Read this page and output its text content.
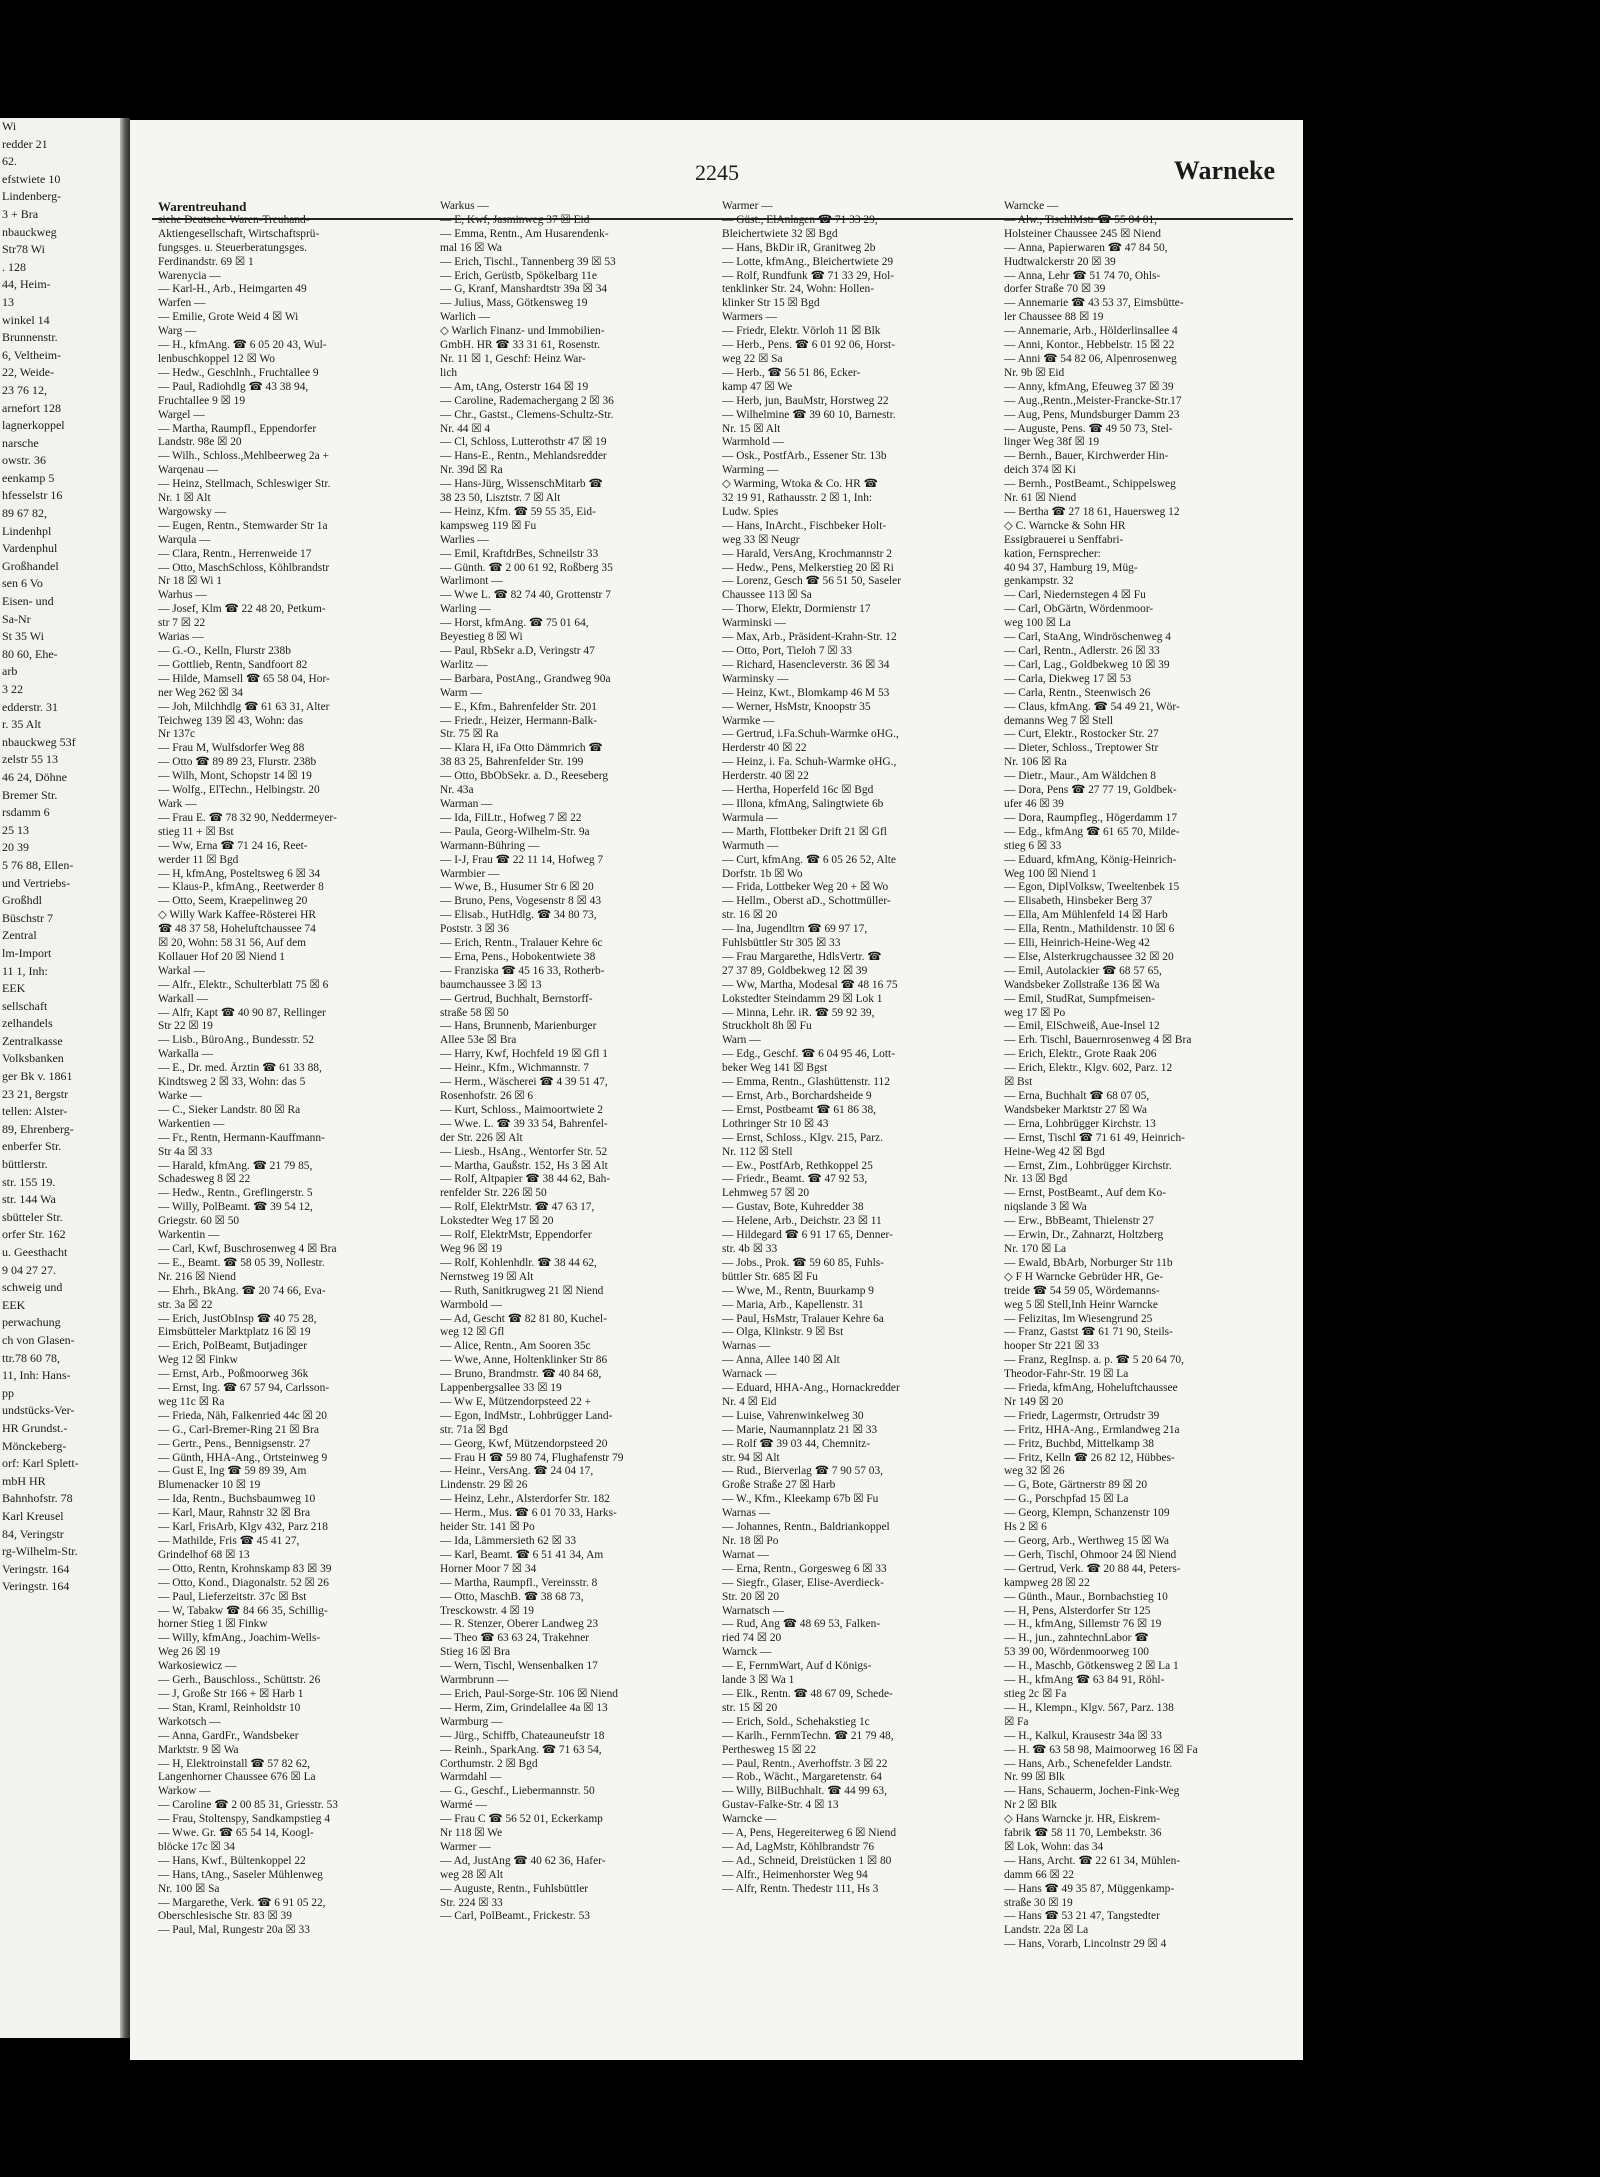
Wi
redder 21
62.
efstwiete 10
Lindenberg-
3 + Bra
nbauckweg
Str78 Wi
. 128
44, Heim-
13
winkel 14
Brunnenstr.
6, Veltheim-
22, Weide-
23 76 12,
arnefort 128
lagnerkoppel
narsche
owstr. 36
eenkamp 5
hfesselstr 16
89 67 82,
Lindenhpl
Vardenphul
Großhandel
sen 6 Vo
Eisen- und
Sa-Nr
St 35 Wi
80 60, Ehe-
arb
3 22
edderstr. 31
r. 35 Alt
nbauckweg 53f
zelstr 55 13
46 24, Döhne
Bremer Str.
rsdamm 6
25 13
20 39
5 76 88, Ellen-
und Vertriebs-
Großhdl
Büschstr 7
Zentral
lm-Import
11 1, Inh:
EEK
sellschaft
zelhandels
Zentralkasse
Volksbanken
ger Bk v. 1861
23 21, 8ergstr
tellen: Alster-
89, Ehrenberg-
enberfer Str.
büttlerstr.
str. 155 19.
str. 144 Wa
sbütteler Str.
orfer Str. 162
u. Geesthacht
9 04 27 27.
schweig und
EEK
perwachung
ch von Glasen-
ttr.78 60 78,
11, Inh: Hans-
pp
undstücks-Ver-
HR Grundst.-
Mönckeberg-
orf: Karl Splett-
mbH HR
Bahnhofstr. 78
Karl Kreusel
84, Veringstr
rg-Wilhelm-Str.
Veringstr. 164
Veringstr. 164
2245	Warneke
Warentreuhand
siehe Deutsche Waren-Treuhand-
Aktiengesellschaft, Wirtschaftsprü-
fungsges. u. Steuerberatungsges.
Ferdinandstr. 69 ☒ 1
Warenycia —
— Karl-H., Arb., Heimgarten 49
Warfen —
— Emilie, Grote Weid 4 ☒ Wi
Warg —
— H., kfmAng. ☎ 6 05 20 43, Wul-
lenbuschkoppel 12 ☒ Wo
— Hedw., Geschlnh., Fruchtallee 9
— Paul, Radiohdlg ☎ 43 38 94,
Fruchtallee 9 ☒ 19
Wargel —
— Martha, Raumpfl., Eppendorfer
Landstr. 98e ☒ 20
— Wilh., Schloss.,Mehlbeerweg 2a +
Warqenau —
— Heinz, Stellmach, Schleswiger Str.
Nr. 1 ☒ Alt
Wargowsky —
— Eugen, Rentn., Stemwarder Str 1a
Warqula —
— Clara, Rentn., Herrenweide 17
— Otto, MaschSchloss, Köhlbrandstr
Nr 18 ☒ Wi 1
Warhus —
— Josef, Klm ☎ 22 48 20, Petkum-
str 7 ☒ 22
Warias —
— G.-O., Kelln, Flurstr 238b
— Gottlieb, Rentn, Sandfoort 82
— Hilde, Mamsell ☎ 65 58 04, Hor-
ner Weg 262 ☒ 34
— Joh, Milchhdlg ☎ 61 63 31, Alter
Teichweg 139 ☒ 43, Wohn: das
Nr 137c
— Frau M, Wulfsdorfer Weg 88
— Otto ☎ 89 89 23, Flurstr. 238b
— Wilh, Mont, Schopstr 14 ☒ 19
— Wolfg., ElTechn., Helbingstr. 20
Wark —
— Frau E. ☎ 78 32 90, Neddermeyer-
stieg 11 + ☒ Bst
— Ww, Erna ☎ 71 24 16, Reet-
werder 11 ☒ Bgd
— H, kfmAng, Posteltsweg 6 ☒ 34
— Klaus-P., kfmAng., Reetwerder 8
— Otto, Seem, Kraepelinweg 20
◇ Willy Wark Kaffee-Rösterei HR
☎ 48 37 58, Hoheluftchaussee 74
☒ 20, Wohn: 58 31 56, Auf dem
Kollauer Hof 20 ☒ Niend 1
Warkal —
— Alfr., Elektr., Schulterblatt 75 ☒ 6
Warkall —
— Alfr, Kapt ☎ 40 90 87, Rellinger
Str 22 ☒ 19
— Lisb., BüroAng., Bundesstr. 52
Warkalla —
— E., Dr. med. Ärztin ☎ 61 33 88,
Kindtsweg 2 ☒ 33, Wohn: das 5
Warke —
— C., Sieker Landstr. 80 ☒ Ra
Warkentien —
— Fr., Rentn, Hermann-Kauffmann-
Str 4a ☒ 33
— Harald, kfmAng. ☎ 21 79 85,
Schadesweg 8 ☒ 22
— Hedw., Rentn., Greflingerstr. 5
— Willy, PolBeamt. ☎ 39 54 12,
Griegstr. 60 ☒ 50
Warkentin —
— Carl, Kwf, Buschrosenweg 4 ☒ Bra
— E., Beamt. ☎ 58 05 39, Nollestr.
Nr. 216 ☒ Niend
— Ehrh., BkAng. ☎ 20 74 66, Eva-
str. 3a ☒ 22
— Erich, JustObInsp ☎ 40 75 28,
Eimsbütteler Marktplatz 16 ☒ 19
— Erich, PolBeamt, Butjadinger
Weg 12 ☒ Finkw
— Ernst, Arb., Poßmoorweg 36k
— Ernst, Ing. ☎ 67 57 94, Carlsson-
weg 11c ☒ Ra
— Frieda, Näh, Falkenried 44c ☒ 20
— G., Carl-Bremer-Ring 21 ☒ Bra
— Gertr., Pens., Bennigsenstr. 27
— Günth, HHA-Ang., Ortsteinweg 9
— Gust E, Ing ☎ 59 89 39, Am
Blumenacker 10 ☒ 19
— Ida, Rentn., Buchsbaumweg 10
— Karl, Maur, Rahnstr 32 ☒ Bra
— Karl, FrisArb, Klgv 432, Parz 218
— Mathilde, Fris ☎ 45 41 27,
Grindelhof 68 ☒ 13
— Otto, Rentn, Krohnskamp 83 ☒ 39
— Otto, Kond., Diagonalstr. 52 ☒ 26
— Paul, Lieferzeitstr. 37c ☒ Bst
— W, Tabakw ☎ 84 66 35, Schillig-
horner Stieg 1 ☒ Finkw
— Willy, kfmAng., Joachim-Wells-
Weg 26 ☒ 19
Warkosiewicz —
— Gerh., Bauschloss., Schüttstr. 26
— J, Große Str 166 + ☒ Harb 1
— Stan, Kraml, Reinholdstr 10
Warkotsch —
— Anna, GardFr., Wandsbeker
Marktstr. 9 ☒ Wa
— H, Elektroinstall ☎ 57 82 62,
Langenhorner Chaussee 676 ☒ La
Warkow —
— Caroline ☎ 2 00 85 31, Griesstr. 53
— Frau, Stoltenspy, Sandkampstieg 4
— Wwe. Gr. ☎ 65 54 14, Koogl-
blöcke 17c ☒ 34
— Hans, Kwf., Bültenkoppel 22
— Hans, tAng., Saseler Mühlenweg
Nr. 100 ☒ Sa
— Margarethe, Verk. ☎ 6 91 05 22,
Oberschlesische Str. 83 ☒ 39
— Paul, Mal, Rungestr 20a ☒ 33
Warkus —
— E, Kwf, Jasminweg 37 ☒ Eid
— Emma, Rentn., Am Husarendenk-
mal 16 ☒ Wa
— Erich, Tischl., Tannenberg 39 ☒ 53
— Erich, Gerüstb, Spökelbarg 11e
— G, Kranf, Manshardtstr 39a ☒ 34
— Julius, Mass, Götkensweg 19
Warlich —
◇ Warlich Finanz- und Immobilien-
GmbH. HR ☎ 33 31 61, Rosenstr.
Nr. 11 ☒ 1, Geschf: Heinz War-
lich
— Am, tAng, Osterstr 164 ☒ 19
— Caroline, Rademachergang 2 ☒ 36
— Chr., Gastst., Clemens-Schultz-Str.
Nr. 44 ☒ 4
— Cl, Schloss, Lutterothstr 47 ☒ 19
— Hans-E., Rentn., Mehlandsredder
Nr. 39d ☒ Ra
— Hans-Jürg, WissenschMitarb ☎
38 23 50, Lisztstr. 7 ☒ Alt
— Heinz, Kfm. ☎ 59 55 35, Eid-
kampsweg 119 ☒ Fu
Warlies —
— Emil, KraftdrBes, Schneilstr 33
— Günth. ☎ 2 00 61 92, Roßberg 35
Warlimont —
— Wwe L. ☎ 82 74 40, Grottenstr 7
Warling —
— Horst, kfmAng. ☎ 75 01 64,
Beyestieg 8 ☒ Wi
— Paul, RbSekr a.D, Veringstr 47
Warlitz —
— Barbara, PostAng., Grandweg 90a
Warm —
— E., Kfm., Bahrenfelder Str. 201
— Friedr., Heizer, Hermann-Balk-
Str. 75 ☒ Ra
— Klara H, iFa Otto Dämmrich ☎
38 83 25, Bahrenfelder Str. 199
— Otto, BbObSekr. a. D., Reeseberg
Nr. 43a
Warman —
— Ida, FilLtr., Hofweg 7 ☒ 22
— Paula, Georg-Wilhelm-Str. 9a
Warmann-Bühring —
— I-J, Frau ☎ 22 11 14, Hofweg 7
Warmbier —
— Wwe, B., Husumer Str 6 ☒ 20
— Bruno, Pens, Vogesenstr 8 ☒ 43
— Elisab., HutHdlg. ☎ 34 80 73,
Poststr. 3 ☒ 36
— Erich, Rentn., Tralauer Kehre 6c
— Erna, Pens., Hobokentwiete 38
— Franziska ☎ 45 16 33, Rotherb-
baumchaussee 3 ☒ 13
— Gertrud, Buchhalt, Bernstorff-
straße 58 ☒ 50
— Hans, Brunnenb, Marienburger
Allee 53e ☒ Bra
— Harry, Kwf, Hochfeld 19 ☒ Gfl 1
— Heinr., Kfm., Wichmannstr. 7
— Herm., Wäscherei ☎ 4 39 51 47,
Rosenhofstr. 26 ☒ 6
— Kurt, Schloss., Maimoortwiete 2
— Wwe. L. ☎ 39 33 54, Bahrenfel-
der Str. 226 ☒ Alt
— Liesb., HsAng., Wentorfer Str. 52
— Martha, Gaußstr. 152, Hs 3 ☒ Alt
— Rolf, Altpapier ☎ 38 44 62, Bah-
renfelder Str. 226 ☒ 50
— Rolf, ElektrMstr. ☎ 47 63 17,
Lokstedter Weg 17 ☒ 20
— Rolf, ElektrMstr, Eppendorfer
Weg 96 ☒ 19
— Rolf, Kohlenhdlr. ☎ 38 44 62,
Nernstweg 19 ☒ Alt
— Ruth, Sanitkrugweg 21 ☒ Niend
Warmbold —
— Ad, Gescht ☎ 82 81 80, Kuchel-
weg 12 ☒ Gfl
— Alice, Rentn., Am Sooren 35c
— Wwe, Anne, Holtenklinker Str 86
— Bruno, Brandmstr. ☎ 40 84 68,
Lappenbergsallee 33 ☒ 19
— Ww E, Mützendorpsteed 22 +
— Egon, IndMstr., Lohbrügger Land-
str. 71a ☒ Bgd
— Georg, Kwf, Mützendorpsteed 20
— Frau H ☎ 59 80 74, Flughafenstr 79
— Heinr., VersAng. ☎ 24 04 17,
Lindenstr. 29 ☒ 26
— Heinz, Lehr., Alsterdorfer Str. 182
— Herm., Mus. ☎ 6 01 70 33, Harks-
heider Str. 141 ☒ Po
— Ida, Lämmersieth 62 ☒ 33
— Karl, Beamt. ☎ 6 51 41 34, Am
Horner Moor 7 ☒ 34
— Martha, Raumpfl., Vereinsstr. 8
— Otto, MaschB. ☎ 38 68 73,
Tresckowstr. 4 ☒ 19
— R. Stenzer, Oberer Landweg 23
— Theo ☎ 63 63 24, Trakehner
Stieg 16 ☒ Bra
— Wern, Tischl, Wensenbalken 17
Warmbrunn —
— Erich, Paul-Sorge-Str. 106 ☒ Niend
— Herm, Zim, Grindelallee 4a ☒ 13
Warmburg —
— Jürg., Schiffb, Chateauneufstr 18
— Reinh., SparkAng. ☎ 71 63 54,
Corthumstr. 2 ☒ Bgd
Warmdahl —
— G., Geschf., Liebermannstr. 50
Warmé —
— Frau C ☎ 56 52 01, Eckerkamp
Nr 118 ☒ We
Warmer —
— Ad, JustAng ☎ 40 62 36, Hafer-
weg 28 ☒ Alt
— Auguste, Rentn., Fuhlsbüttler
Str. 224 ☒ 33
— Carl, PolBeamt., Frickestr. 53
Warmer —
— Güst., ElAnlagen ☎ 71 33 29,
Bleichertwiete 32 ☒ Bgd
— Hans, BkDir iR, Granitweg 2b
— Lotte, kfmAng., Bleichertwiete 29
— Rolf, Rundfunk ☎ 71 33 29, Hol-
tenklinker Str. 24, Wohn: Hollen-
klinker Str 15 ☒ Bgd
Warmers —
— Friedr, Elektr. Vörloh 11 ☒ Blk
— Herb., Pens. ☎ 6 01 92 06, Horst-
weg 22 ☒ Sa
— Herb., ☎ 56 51 86, Ecker-
kamp 47 ☒ We
— Herb, jun, BauMstr, Horstweg 22
— Wilhelmine ☎ 39 60 10, Barnestr.
Nr. 15 ☒ Alt
Warmhold —
— Osk., PostfArb., Essener Str. 13b
Warming —
◇ Warming, Wtoka & Co. HR ☎
32 19 91, Rathausstr. 2 ☒ 1, Inh:
Ludw. Spies
— Hans, InArcht., Fischbeker Holt-
weg 33 ☒ Neugr
— Harald, VersAng, Krochmannstr 2
— Hedw., Pens, Melkerstieg 20 ☒ Ri
— Lorenz, Gesch ☎ 56 51 50, Saseler
Chaussee 113 ☒ Sa
— Thorw, Elektr, Dormienstr 17
Warminski —
— Max, Arb., Präsident-Krahn-Str. 12
— Otto, Port, Tieloh 7 ☒ 33
— Richard, Hasencleverstr. 36 ☒ 34
Warminsky —
— Heinz, Kwt., Blomkamp 46 M 53
— Werner, HsMstr, Knoopstr 35
Warmke —
— Gertrud, i.Fa.Schuh-Warmke oHG.,
Herderstr 40 ☒ 22
— Heinz, i. Fa. Schuh-Warmke oHG.,
Herderstr. 40 ☒ 22
— Hertha, Hoperfeld 16c ☒ Bgd
— Illona, kfmAng, Salingtwiete 6b
Warmula —
— Marth, Flottbeker Drift 21 ☒ Gfl
Warmuth —
— Curt, kfmAng. ☎ 6 05 26 52, Alte
Dorfstr. 1b ☒ Wo
— Frida, Lottbeker Weg 20 + ☒ Wo
— Hellm., Oberst aD., Schottmüller-
str. 16 ☒ 20
— Ina, Jugendltrn ☎ 69 97 17,
Fuhlsbüttler Str 305 ☒ 33
— Frau Margarethe, HdlsVertr. ☎
27 37 89, Goldbekweg 12 ☒ 39
— Ww, Martha, Modesal ☎ 48 16 75
Lokstedter Steindamm 29 ☒ Lok 1
— Minna, Lehr. iR. ☎ 59 92 39,
Struckholt 8h ☒ Fu
Warn —
— Edg., Geschf. ☎ 6 04 95 46, Lott-
beker Weg 141 ☒ Bgst
— Emma, Rentn., Glashüttenstr. 112
— Ernst, Arb., Borchardsheide 9
— Ernst, Postbeamt ☎ 61 86 38,
Lothringer Str 10 ☒ 43
— Ernst, Schloss., Klgv. 215, Parz.
Nr. 112 ☒ Stell
— Ew., PostfArb, Rethkoppel 25
— Friedr., Beamt. ☎ 47 92 53,
Lehmweg 57 ☒ 20
— Gustav, Bote, Kuhredder 38
— Helene, Arb., Deichstr. 23 ☒ 11
— Hildegard ☎ 6 91 17 65, Denner-
str. 4b ☒ 33
— Jobs., Prok. ☎ 59 60 85, Fuhls-
büttler Str. 685 ☒ Fu
— Wwe, M., Rentn, Buurkamp 9
— Maria, Arb., Kapellenstr. 31
— Paul, HsMstr, Tralauer Kehre 6a
— Olga, Klinkstr. 9 ☒ Bst
Warnas —
— Anna, Allee 140 ☒ Alt
Warnack —
— Eduard, HHA-Ang., Hornackredder
Nr. 4 ☒ Eid
— Luise, Vahrenwinkelweg 30
— Marie, Naumannplatz 21 ☒ 33
— Rolf ☎ 39 03 44, Chemnitz-
str. 94 ☒ Alt
— Rud., Bierverlag ☎ 7 90 57 03,
Große Straße 27 ☒ Harb
— W., Kfm., Kleekamp 67b ☒ Fu
Warnas —
— Johannes, Rentn., Baldriankoppel
Nr. 18 ☒ Po
Warnat —
— Erna, Rentn., Gorgesweg 6 ☒ 33
— Siegfr., Glaser, Elise-Averdieck-
Str. 20 ☒ 20
Warnatsch —
— Rud, Ang ☎ 48 69 53, Falken-
ried 74 ☒ 20
Warnck —
— E, FernmWart, Auf d Königs-
lande 3 ☒ Wa 1
— Elk., Rentn. ☎ 48 67 09, Schede-
str. 15 ☒ 20
— Erich, Sold., Schehakstieg 1c
— Karlh., FernmTechn. ☎ 21 79 48,
Perthesweg 15 ☒ 22
— Paul, Rentn., Averhoffstr. 3 ☒ 22
— Rob., Wächt., Margaretenstr. 64
— Willy, BilBuchhalt. ☎ 44 99 63,
Gustav-Falke-Str. 4 ☒ 13
Warncke —
— A, Pens, Hegereiterweg 6 ☒ Niend
— Ad, LagMstr, Köhlbrandstr 76
— Ad., Schneid, Dreistücken 1 ☒ 80
— Alfr., Heimenhorster Weg 94
— Alfr, Rentn. Thedestr 111, Hs 3
Warncke —
— Alw., TischlMstr ☎ 55 84 81,
Holsteiner Chaussee 245 ☒ Niend
— Anna, Papierwaren ☎ 47 84 50,
Hudtwalckerstr 20 ☒ 39
— Anna, Lehr ☎ 51 74 70, Ohls-
dorfer Straße 70 ☒ 39
— Annemarie ☎ 43 53 37, Eimsbütte-
ler Chaussee 88 ☒ 19
— Annemarie, Arb., Hölderlinsallee 4
— Anni, Kontor., Hebbelstr. 15 ☒ 22
— Anni ☎ 54 82 06, Alpenrosenweg
Nr. 9b ☒ Eid
— Anny, kfmAng, Efeuweg 37 ☒ 39
— Aug.,Rentn.,Meister-Francke-Str.17
— Aug, Pens, Mundsburger Damm 23
— Auguste, Pens. ☎ 49 50 73, Stel-
linger Weg 38f ☒ 19
— Bernh., Bauer, Kirchwerder Hin-
deich 374 ☒ Ki
— Bernh., PostBeamt., Schippelsweg
Nr. 61 ☒ Niend
— Bertha ☎ 27 18 61, Hauersweg 12
◇ C. Warncke & Sohn HR
Essigbrauerei u Senffabri-
kation, Fernsprecher:
40 94 37, Hamburg 19, Müg-
genkampstr. 32
— Carl, Niedernstegen 4 ☒ Fu
— Carl, ObGärtn, Wördenmoor-
weg 100 ☒ La
— Carl, StaAng, Windröschenweg 4
— Carl, Rentn., Adlerstr. 26 ☒ 33
— Carl, Lag., Goldbekweg 10 ☒ 39
— Carla, Diekweg 17 ☒ 53
— Carla, Rentn., Steenwisch 26
— Claus, kfmAng. ☎ 54 49 21, Wör-
demanns Weg 7 ☒ Stell
— Curt, Elektr., Rostocker Str. 27
— Dieter, Schloss., Treptower Str
Nr. 106 ☒ Ra
— Dietr., Maur., Am Wäldchen 8
— Dora, Pens ☎ 27 77 19, Goldbek-
ufer 46 ☒ 39
— Dora, Raumpfleg., Högerdamm 17
— Edg., kfmAng ☎ 61 65 70, Milde-
stieg 6 ☒ 33
— Eduard, kfmAng, König-Heinrich-
Weg 100 ☒ Niend 1
— Egon, DiplVolksw, Tweeltenbek 15
— Elisabeth, Hinsbeker Berg 37
— Ella, Am Mühlenfeld 14 ☒ Harb
— Ella, Rentn., Mathildenstr. 10 ☒ 6
— Elli, Heinrich-Heine-Weg 42
— Else, Alsterkrugchaussee 32 ☒ 20
— Emil, Autolackier ☎ 68 57 65,
Wandsbeker Zollstraße 136 ☒ Wa
— Emil, StudRat, Sumpfmeisen-
weg 17 ☒ Po
— Emil, ElSchweiß, Aue-Insel 12
— Erh. Tischl, Bauernrosenweg 4 ☒ Bra
— Erich, Elektr., Grote Raak 206
— Erich, Elektr., Klgv. 602, Parz. 12
☒ Bst
— Erna, Buchhalt ☎ 68 07 05,
Wandsbeker Marktstr 27 ☒ Wa
— Erna, Lohbrügger Kirchstr. 13
— Ernst, Tischl ☎ 71 61 49, Heinrich-
Heine-Weg 42 ☒ Bgd
— Ernst, Zim., Lohbrügger Kirchstr.
Nr. 13 ☒ Bgd
— Ernst, PostBeamt., Auf dem Ko-
niqslande 3 ☒ Wa
— Erw., BbBeamt, Thielenstr 27
— Erwin, Dr., Zahnarzt, Holtzberg
Nr. 170 ☒ La
— Ewald, BbArb, Norburger Str 11b
◇ F H Warncke Gebrüder HR, Ge-
treide ☎ 54 59 05, Wördemanns-
weg 5 ☒ Stell,Inh Heinr Warncke
— Felizitas, Im Wiesengrund 25
— Franz, Gastst ☎ 61 71 90, Steils-
hooper Str 221 ☒ 33
— Franz, RegInsp. a. p. ☎ 5 20 64 70,
Theodor-Fahr-Str. 19 ☒ La
— Frieda, kfmAng, Hoheluftchaussee
Nr 149 ☒ 20
— Friedr, Lagermstr, Ortrudstr 39
— Fritz, HHA-Ang., Ermlandweg 21a
— Fritz, Buchbd, Mittelkamp 38
— Fritz, Kelln ☎ 26 82 12, Hübbes-
weg 32 ☒ 26
— G, Bote, Gärtnerstr 89 ☒ 20
— G., Porschpfad 15 ☒ La
— Georg, Klempn, Schanzenstr 109
Hs 2 ☒ 6
— Georg, Arb., Werthweg 15 ☒ Wa
— Gerh, Tischl, Ohmoor 24 ☒ Niend
— Gertrud, Verk. ☎ 20 88 44, Peters-
kampweg 28 ☒ 22
— Günth., Maur., Bornbachstieg 10
— H, Pens, Alsterdorfer Str 125
— H., kfmAng, Sillemstr 76 ☒ 19
— H., jun., zahntechnLabor ☎
53 39 00, Wördenmoorweg 100
— H., Maschb, Götkensweg 2 ☒ La 1
— H., kfmAng ☎ 63 84 91, Röhl-
stieg 2c ☒ Fa
— H., Klempn., Klgv. 567, Parz. 138
☒ Fa
— H., Kalkul, Krausestr 34a ☒ 33
— H. ☎ 63 58 98, Maimoorweg 16 ☒ Fa
— Hans, Arb., Schenefelder Landstr.
Nr. 99 ☒ Blk
— Hans, Schauerm, Jochen-Fink-Weg
Nr 2 ☒ Blk
◇ Hans Warncke jr. HR, Eiskrem-
fabrik ☎ 58 11 70, Lembekstr. 36
☒ Lok, Wohn: das 34
— Hans, Archt. ☎ 22 61 34, Mühlen-
damm 66 ☒ 22
— Hans ☎ 49 35 87, Müggenkamp-
straße 30 ☒ 19
— Hans ☎ 53 21 47, Tangstedter
Landstr. 22a ☒ La
— Hans, Vorarb, Lincolnstr 29 ☒ 4
